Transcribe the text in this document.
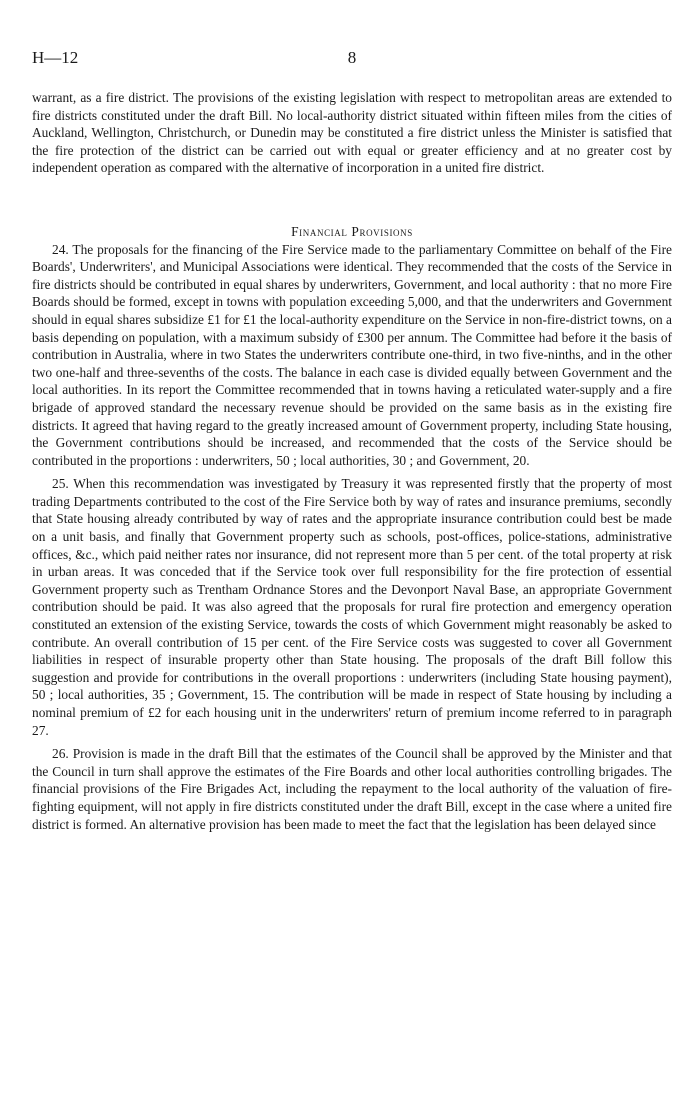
H—12	8

warrant, as a fire district. The provisions of the existing legislation with respect to metropolitan areas are extended to fire districts constituted under the draft Bill. No local-authority district situated within fifteen miles from the cities of Auckland, Wellington, Christchurch, or Dunedin may be constituted a fire district unless the Minister is satisfied that the fire protection of the district can be carried out with equal or greater efficiency and at no greater cost by independent operation as compared with the alternative of incorporation in a united fire district.

Financial Provisions

24. The proposals for the financing of the Fire Service made to the parliamentary Committee on behalf of the Fire Boards', Underwriters', and Municipal Associations were identical. They recommended that the costs of the Service in fire districts should be contributed in equal shares by underwriters, Government, and local authority : that no more Fire Boards should be formed, except in towns with population exceeding 5,000, and that the underwriters and Government should in equal shares subsidize £1 for £1 the local-authority expenditure on the Service in non-fire-district towns, on a basis depending on population, with a maximum subsidy of £300 per annum. The Committee had before it the basis of contribution in Australia, where in two States the underwriters contribute one-third, in two five-ninths, and in the other two one-half and three-sevenths of the costs. The balance in each case is divided equally between Government and the local authorities. In its report the Committee recommended that in towns having a reticulated water-supply and a fire brigade of approved standard the necessary revenue should be provided on the same basis as in the existing fire districts. It agreed that having regard to the greatly increased amount of Government property, including State housing, the Government contributions should be increased, and recommended that the costs of the Service should be contributed in the proportions : underwriters, 50 ; local authorities, 30 ; and Government, 20.

25. When this recommendation was investigated by Treasury it was represented firstly that the property of most trading Departments contributed to the cost of the Fire Service both by way of rates and insurance premiums, secondly that State housing already contributed by way of rates and the appropriate insurance contribution could best be made on a unit basis, and finally that Government property such as schools, post-offices, police-stations, administrative offices, &c., which paid neither rates nor insurance, did not represent more than 5 per cent. of the total property at risk in urban areas. It was conceded that if the Service took over full responsibility for the fire protection of essential Government property such as Trentham Ordnance Stores and the Devonport Naval Base, an appropriate Government contribution should be paid. It was also agreed that the proposals for rural fire protection and emergency operation constituted an extension of the existing Service, towards the costs of which Government might reasonably be asked to contribute. An overall contribution of 15 per cent. of the Fire Service costs was suggested to cover all Government liabilities in respect of insurable property other than State housing. The proposals of the draft Bill follow this suggestion and provide for contributions in the overall proportions : underwriters (including State housing payment), 50 ; local authorities, 35 ; Government, 15. The contribution will be made in respect of State housing by including a nominal premium of £2 for each housing unit in the underwriters' return of premium income referred to in paragraph 27.

26. Provision is made in the draft Bill that the estimates of the Council shall be approved by the Minister and that the Council in turn shall approve the estimates of the Fire Boards and other local authorities controlling brigades. The financial provisions of the Fire Brigades Act, including the repayment to the local authority of the valuation of fire-fighting equipment, will not apply in fire districts constituted under the draft Bill, except in the case where a united fire district is formed. An alternative provision has been made to meet the fact that the legislation has been delayed since
